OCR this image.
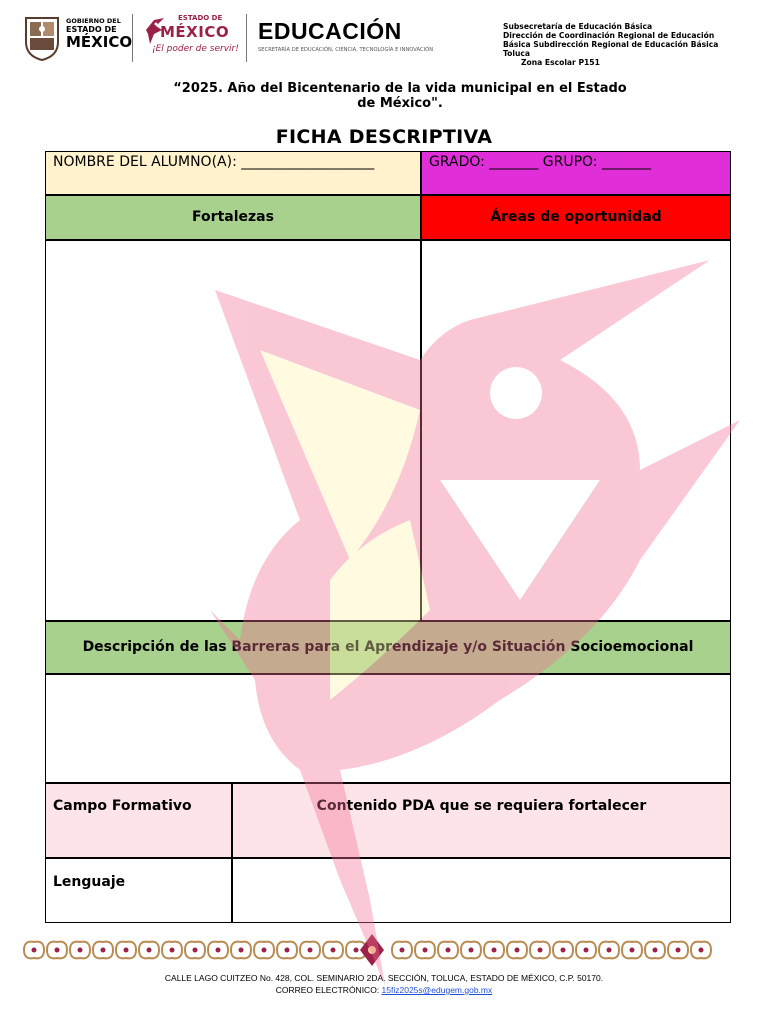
GOBIERNO DEL
ESTADO DE
MÉXICO
ESTADO DE
MÉXICO
¡El poder de servir!
EDUCACIÓN
SECRETARÍA DE EDUCACIÓN, CIENCIA, TECNOLOGÍA E INNOVACIÓN
Subsecretaría de Educación Básica
Dirección de Coordinación Regional de Educación
Básica Subdirección Regional de Educación Básica
Toluca
Zona Escolar P151
“2025. Año del Bicentenario de la vida municipal en el Estado
de México".
FICHA DESCRIPTIVA
NOMBRE DEL ALUMNO(A): ___________________	GRADO: _______ GRUPO: _______
Fortalezas	Áreas de oportunidad
Descripción de las Barreras para el Aprendizaje y/o Situación Socioemocional
Campo Formativo	Contenido PDA que se requiera fortalecer
Lenguaje
CALLE LAGO CUITZEO No. 428, COL. SEMINARIO 2DA. SECCIÓN, TOLUCA, ESTADO DE MÉXICO, C.P. 50170.
CORREO ELECTRÓNICO: 15fiz2025s@edugem.gob.mx
